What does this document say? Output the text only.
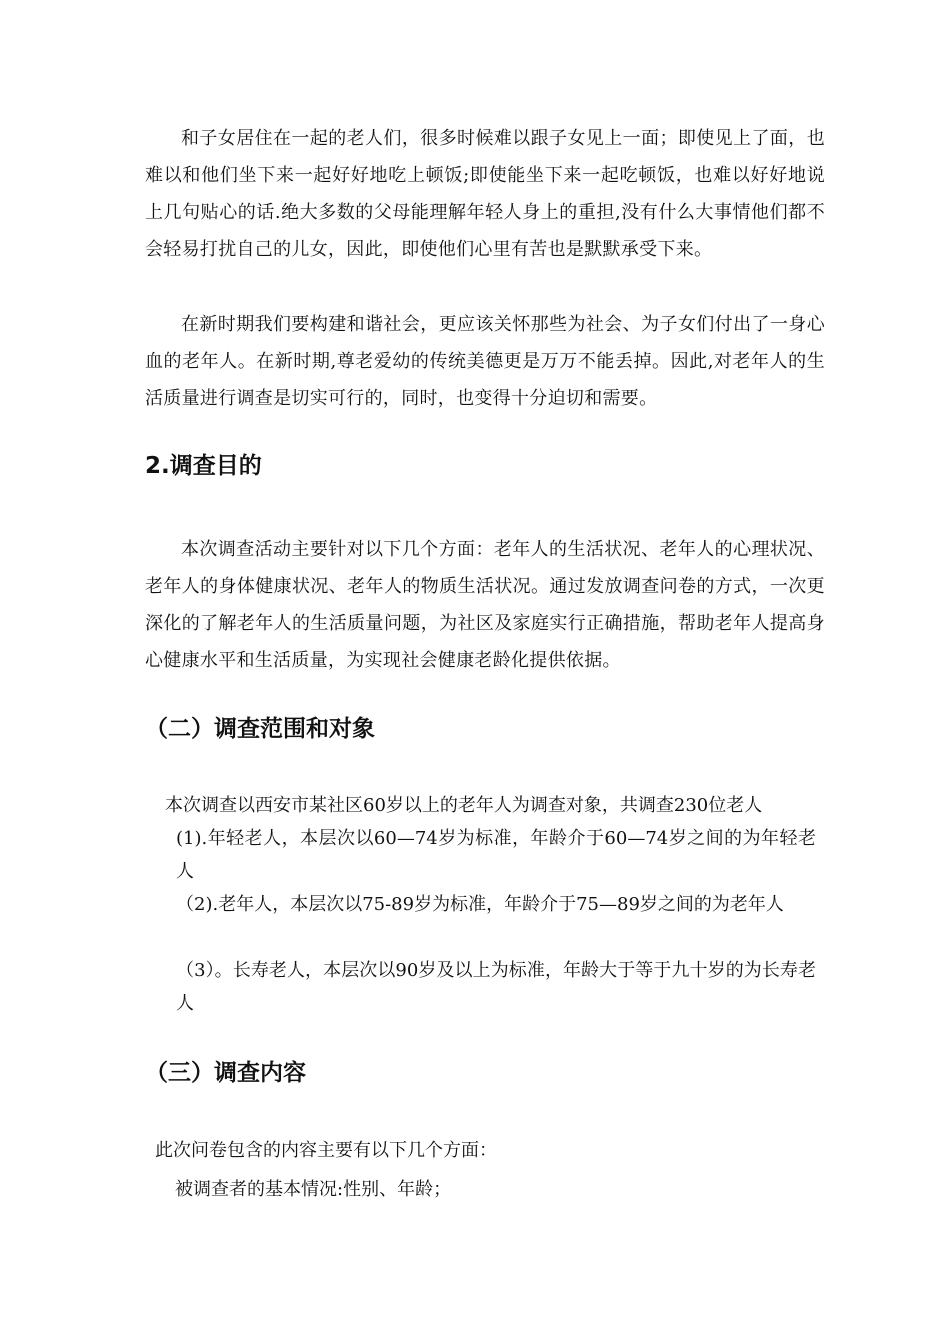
和子女居住在一起的老人们，很多时候难以跟子女见上一面；即使见上了面，也难以和他们坐下来一起好好地吃上顿饭;即使能坐下来一起吃顿饭，也难以好好地说上几句贴心的话.绝大多数的父母能理解年轻人身上的重担,没有什么大事情他们都不会轻易打扰自己的儿女，因此，即使他们心里有苦也是默默承受下来。

在新时期我们要构建和谐社会，更应该关怀那些为社会、为子女们付出了一身心血的老年人。在新时期,尊老爱幼的传统美德更是万万不能丢掉。因此,对老年人的生活质量进行调查是切实可行的，同时，也变得十分迫切和需要。

2.调查目的

本次调查活动主要针对以下几个方面：老年人的生活状况、老年人的心理状况、老年人的身体健康状况、老年人的物质生活状况。通过发放调查问卷的方式，一次更深化的了解老年人的生活质量问题，为社区及家庭实行正确措施，帮助老年人提高身心健康水平和生活质量，为实现社会健康老龄化提供依据。

（二）调查范围和对象
本次调查以西安市某社区60岁以上的老年人为调查对象，共调查230位老人
(1).年轻老人，本层次以60—74岁为标准，年龄介于60—74岁之间的为年轻老人
（2).老年人，本层次以75-89岁为标准，年龄介于75—89岁之间的为老年人
（3）。长寿老人，本层次以90岁及以上为标准，年龄大于等于九十岁的为长寿老人
（三）调查内容
此次问卷包含的内容主要有以下几个方面：
被调查者的基本情况:性别、年龄；
